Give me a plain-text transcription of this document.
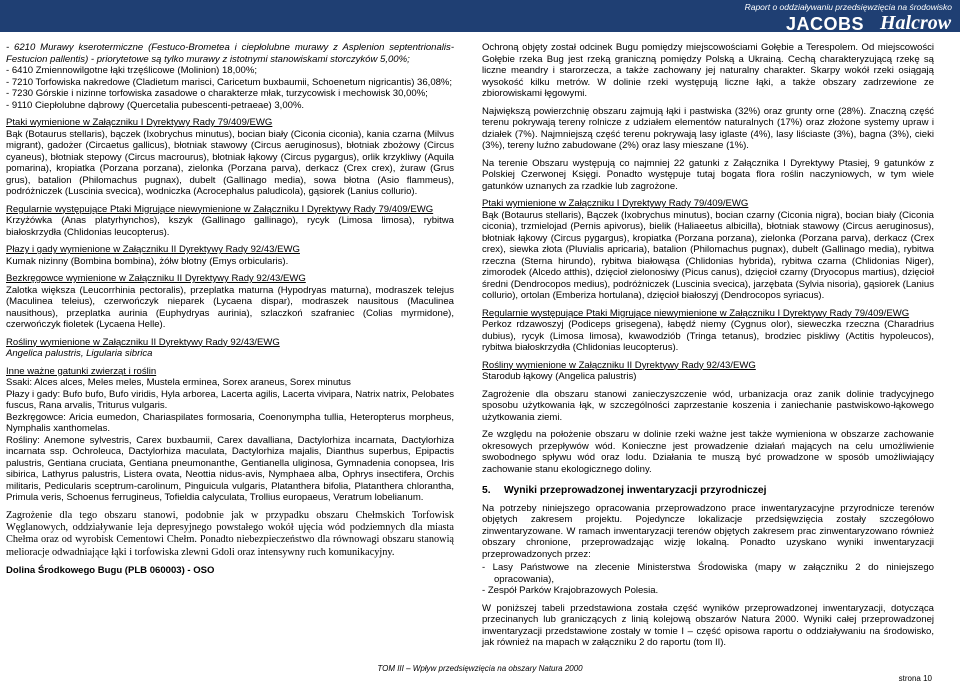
Raport o oddziaływaniu przedsięwzięcia na środowisko
JACOBS Halcrow

- 6210 Murawy kserotermiczne (Festuco-Brometea i ciepłolubne murawy z Asplenion septentrionalis-Festucion pallentis) - priorytetowe są tylko murawy z istotnymi stanowiskami storczyków 5,00%;
- 6410 Zmiennowilgotne łąki trzęślicowe (Molinion) 18,00%;
- 7210 Torfowiska nakredowe (Cladietum marisci, Caricetum buxbaumii, Schoenetum nigricantis) 36,08%;
- 7230 Górskie i nizinne torfowiska zasadowe o charakterze młak, turzycowisk i mechowisk 30,00%;
- 9110 Ciepłolubne dąbrowy (Quercetalia pubescenti-petraeae) 3,00%.

Ptaki wymienione w Załączniku I Dyrektywy Rady 79/409/EWG
Bąk (Botaurus stellaris), bączek (Ixobrychus minutus), bocian biały (Ciconia ciconia), kania czarna (Milvus migrant), gadożer (Circaetus gallicus), błotniak stawowy (Circus aeruginosus), błotniak zbożowy (Circus cyaneus), błotniak stepowy (Circus macrourus), błotniak łąkowy (Circus pygargus), orlik krzykliwy (Aquila pomarina), kropiatka (Porzana porzana), zielonka (Porzana parva), derkacz (Crex crex), żuraw (Grus grus), batalion (Philomachus pugnax), dubelt (Gallinago media), sowa błotna (Asio flammeus), podróżniczek (Luscinia svecica), wodniczka (Acrocephalus paludicola), gąsiorek (Lanius collurio).

Regularnie występujące Ptaki Migrujące niewymienione w Załączniku I Dyrektywy Rady 79/409/EWG
Krzyżówka (Anas platyrhynchos), kszyk (Gallinago gallinago), rycyk (Limosa limosa), rybitwa białoskrzydła (Chlidonias leucopterus).

Płazy i gady wymienione w Załączniku II Dyrektywy Rady 92/43/EWG
Kumak nizinny (Bombina bombina), żółw błotny (Emys orbicularis).

Bezkręgowce wymienione w Załączniku II Dyrektywy Rady 92/43/EWG
Zalotka większa (Leucorrhinia pectoralis), przeplatka maturna (Hypodryas maturna), modraszek telejus (Maculinea teleius), czerwończyk nieparek (Lycaena dispar), modraszek nausitous (Maculinea nausithous), przeplatka aurinia (Euphydryas aurinia), szlaczkoń szafraniec (Colias myrmidone), czerwończyk fioletek (Lycaena Helle).

Rośliny wymienione w Załączniku II Dyrektywy Rady 92/43/EWG
Angelica palustris, Ligularia sibrica

Inne ważne gatunki zwierząt i roślin
Ssaki: Alces alces, Meles meles, Mustela erminea, Sorex araneus, Sorex minutus
Płazy i gady: Bufo bufo, Bufo viridis, Hyla arborea, Lacerta agilis, Lacerta vivipara, Natrix natrix, Pelobates fuscus, Rana arvalis, Triturus vulgaris.
Bezkręgowce: Aricia eumedon, Chariaspilates formosaria, Coenonympha tullia, Heteropterus morpheus, Nymphalis xanthomelas.
Rośliny: Anemone sylvestris, Carex buxbaumii, Carex davalliana, Dactylorhiza incarnata, Dactylorhiza incarnata ssp. Ochroleuca, Dactylorhiza maculata, Dactylorhiza majalis, Dianthus superbus, Epipactis palustris, Gentiana cruciata, Gentiana pneumonanthe, Gentianella uliginosa, Gymnadenia conopsea, Iris sibirica, Lathyrus palustris, Listera ovata, Neottia nidus-avis, Nymphaea alba, Ophrys insectifera, Orchis militaris, Pedicularis sceptrum-carolinum, Pinguicula vulgaris, Platanthera bifolia, Platanthera chlorantha, Primula veris, Schoenus ferrugineus, Tofieldia calyculata, Trollius europaeus, Veratrum lobelianum.

Zagrożenie dla tego obszaru stanowi, podobnie jak w przypadku obszaru Chełmskich Torfowisk Węglanowych, oddziaływanie leja depresyjnego powstałego wokół ujęcia wód podziemnych dla miasta Chełma oraz od wyrobisk Cementowi Chełm. Ponadto niebezpieczeństwo dla równowagi obszaru stanowią melioracje odwadniające łąki i torfowiska zlewni Gdoli oraz intensywny ruch komunikacyjny.

Dolina Środkowego Bugu (PLB 060003) - OSO

Ochroną objęty został odcinek Bugu pomiędzy miejscowościami Gołębie a Terespolem. Od miejscowości Gołębie rzeka Bug jest rzeką graniczną pomiędzy Polską a Ukrainą. Cechą charakteryzującą rzekę są liczne meandry i starorzecza, a także zachowany jej naturalny charakter. Skarpy wokół rzeki osiągają wysokość kilku metrów. W dolinie rzeki występują liczne łąki, a także obszary zadrzewione ze zbiorowiskami łęgowymi.

Największą powierzchnię obszaru zajmują łąki i pastwiska (32%) oraz grunty orne (28%). Znaczną część terenu pokrywają tereny rolnicze z udziałem elementów naturalnych (17%) oraz złożone systemy upraw i działek (7%). Najmniejszą część terenu pokrywają lasy iglaste (4%), lasy liściaste (3%), bagna (3%), cieki (3%), tereny luźno zabudowane (2%) oraz lasy mieszane (1%).

Na terenie Obszaru występują co najmniej 22 gatunki z Załącznika I Dyrektywy Ptasiej, 9 gatunków z Polskiej Czerwonej Księgi. Ponadto występuje tutaj bogata flora roślin naczyniowych, w tym wiele gatunków uznanych za rzadkie lub zagrożone.

Ptaki wymienione w Załączniku I Dyrektywy Rady 79/409/EWG
Bąk (Botaurus stellaris), Bączek (Ixobrychus minutus), bocian czarny (Ciconia nigra), bocian biały (Ciconia ciconia), trzmielojad (Pernis apivorus), bielik (Haliaeetus albicilla), błotniak stawowy (Circus aeruginosus), błotniak łąkowy (Circus pygargus), kropiatka (Porzana porzana), zielonka (Porzana parva), derkacz (Crex crex), siewka złota (Pluvialis apricaria), batalion (Philomachus pugnax), dubelt (Gallinago media), rybitwa rzeczna (Sterna hirundo), rybitwa białowąsa (Chlidonias hybrida), rybitwa czarna (Chlidonias Niger), zimorodek (Alcedo atthis), dzięcioł zielonosiwy (Picus canus), dzięcioł czarny (Dryocopus martius), dzięcioł średni (Dendrocopos medius), podróżniczek (Luscinia svecica), jarzębata (Sylvia nisoria), gąsiorek (Lanius collurio), ortolan (Emberiza hortulana), dzięcioł białoszyj (Dendrocopos syriacus).

Regularnie występujące Ptaki Migrujące niewymienione w Załączniku I Dyrektywy Rady 79/409/EWG
Perkoz rdzawoszyj (Podiceps grisegena), łabędź niemy (Cygnus olor), sieweczka rzeczna (Charadrius dubius), rycyk (Limosa limosa), kwawodziób (Tringa tetanus), brodziec piskliwy (Actitis hypoleucos), rybitwa białoskrzydła (Chlidonias leucopterus).

Rośliny wymienione w Załączniku II Dyrektywy Rady 92/43/EWG
Starodub łąkowy (Angelica palustris)

Zagrożenie dla obszaru stanowi zanieczyszczenie wód, urbanizacja oraz zanik dolinie tradycyjnego sposobu użytkowania łąk, w szczególności zaprzestanie koszenia i zaniechanie pastwiskowo-łąkowego użytkowania ziemi.

Ze względu na położenie obszaru w dolinie rzeki ważne jest także wymieniona w obszarze zachowanie okresowych przepływów wód. Konieczne jest prowadzenie działań mających na celu umożliwienie swobodnego spływu wód oraz lodu. Działania te muszą być prowadzone w sposób umożliwiający zachowanie stanu ekologicznego doliny.

5. Wyniki przeprowadzonej inwentaryzacji przyrodniczej

Na potrzeby niniejszego opracowania przeprowadzono prace inwentaryzacyjne przyrodnicze terenów objętych zakresem projektu. Pojedyncze lokalizacje przedsięwzięcia zostały szczegółowo zinwentaryzowane. W ramach inwentaryzacji terenów objętych zakresem prac zinwentaryzowano również obszary chronione, przeprowadzając wizję lokalną. Ponadto uzyskano wyniki inwentaryzacji przeprowadzonych przez:

- Lasy Państwowe na zlecenie Ministerstwa Środowiska (mapy w załączniku 2 do niniejszego opracowania),
- Zespół Parków Krajobrazowych Polesia.

W poniższej tabeli przedstawiona została część wyników przeprowadzonej inwentaryzacji, dotycząca przecinanych lub graniczących z linią kolejową obszarów Natura 2000. Wyniki całej przeprowadzonej inwentaryzacji przedstawione zostały w tomie I – część opisowa raportu o oddziaływaniu na środowisko, jak również na mapach w załączniku 2 do raportu (tom II).

TOM III – Wpływ przedsięwzięcia na obszary Natura 2000
strona 10
